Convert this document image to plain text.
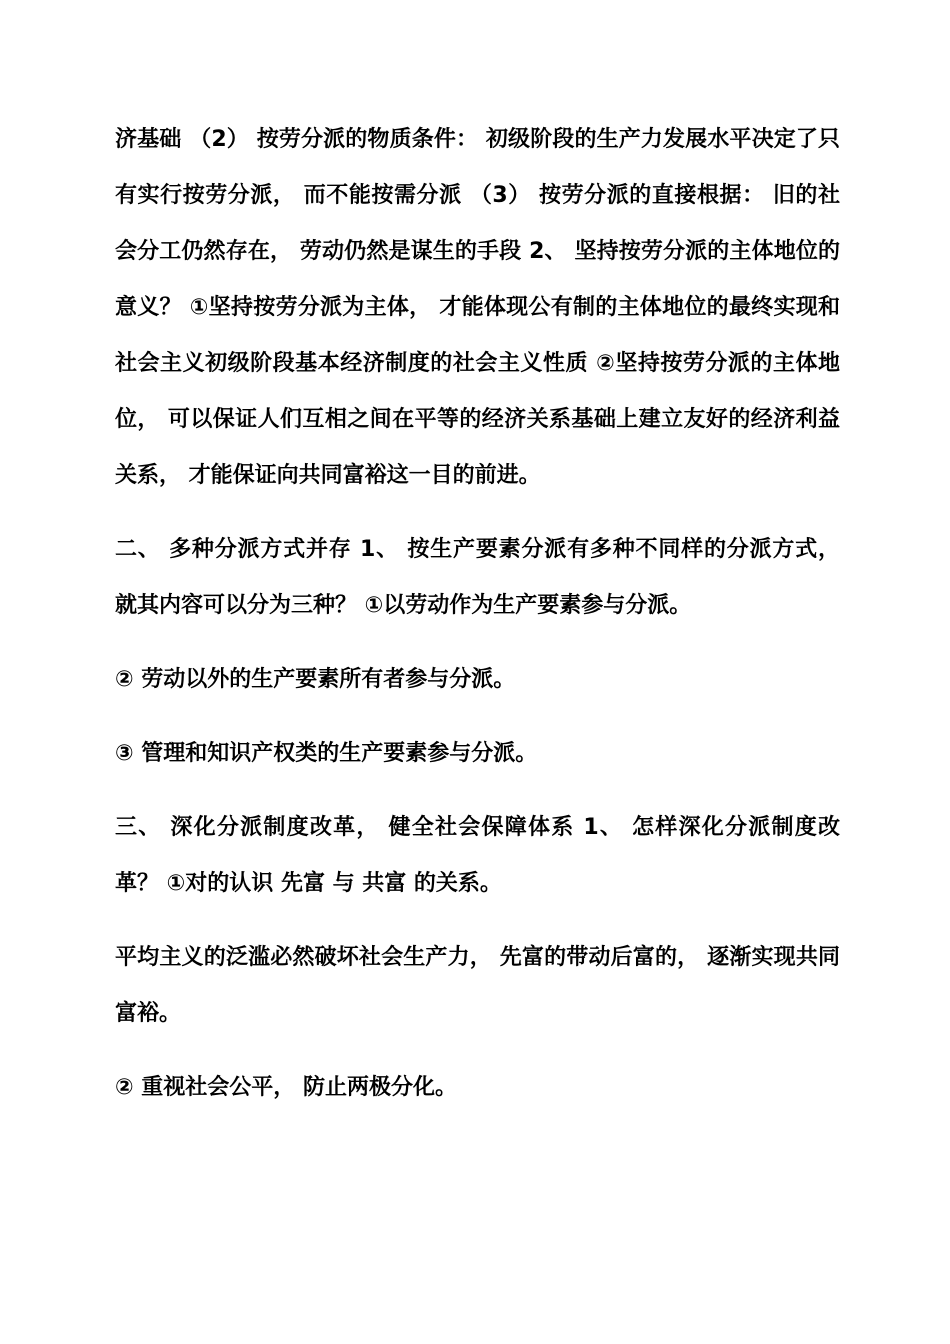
济基础 （2） 按劳分派的物质条件： 初级阶段的生产力发展水平决定了只有实行按劳分派， 而不能按需分派 （3） 按劳分派的直接根据： 旧的社会分工仍然存在， 劳动仍然是谋生的手段 2、 坚持按劳分派的主体地位的意义？ ①坚持按劳分派为主体， 才能体现公有制的主体地位的最终实现和社会主义初级阶段基本经济制度的社会主义性质 ②坚持按劳分派的主体地位， 可以保证人们互相之间在平等的经济关系基础上建立友好的经济利益关系， 才能保证向共同富裕这一目的前进。

二、 多种分派方式并存 1、 按生产要素分派有多种不同样的分派方式， 就其内容可以分为三种？ ①以劳动作为生产要素参与分派。

② 劳动以外的生产要素所有者参与分派。

③ 管理和知识产权类的生产要素参与分派。

三、 深化分派制度改革， 健全社会保障体系 1、 怎样深化分派制度改革？ ①对的认识 先富 与 共富 的关系。

平均主义的泛滥必然破坏社会生产力， 先富的带动后富的， 逐渐实现共同富裕。

② 重视社会公平， 防止两极分化。
